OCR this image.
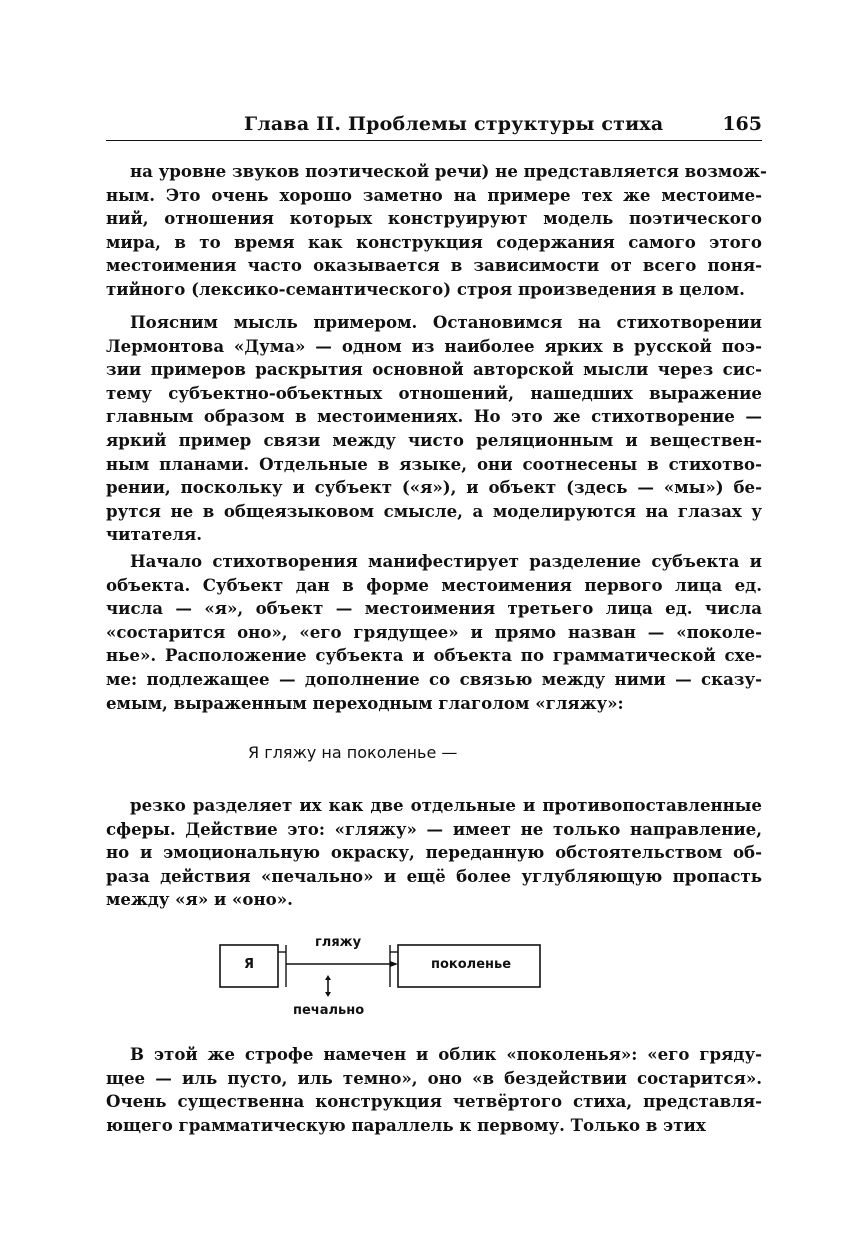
Глава II. Проблемы структуры стиха	165
на уровне звуков поэтической речи) не представляется возмож-
ным. Это очень хорошо заметно на примере тех же местоиме-
ний, отношения которых конструируют модель поэтического
мира, в то время как конструкция содержания самого этого
местоимения часто оказывается в зависимости от всего поня-
тийного (лексико-семантического) строя произведения в целом.
Поясним мысль примером. Остановимся на стихотворении
Лермонтова «Дума» — одном из наиболее ярких в русской поэ-
зии примеров раскрытия основной авторской мысли через сис-
тему субъектно-объектных отношений, нашедших выражение
главным образом в местоимениях. Но это же стихотворение —
яркий пример связи между чисто реляционным и веществен-
ным планами. Отдельные в языке, они соотнесены в стихотво-
рении, поскольку и субъект («я»), и объект (здесь — «мы») бе-
рутся не в общеязыковом смысле, а моделируются на глазах у
читателя.
Начало стихотворения манифестирует разделение субъекта и
объекта. Субъект дан в форме местоимения первого лица ед.
числа — «я», объект — местоимения третьего лица ед. числа
«состарится оно», «его грядущее» и прямо назван — «поколе-
нье». Расположение субъекта и объекта по грамматической схе-
ме: подлежащее — дополнение со связью между ними — сказу-
емым, выраженным переходным глаголом «гляжу»:
Я гляжу на поколенье —
резко разделяет их как две отдельные и противопоставленные
сферы. Действие это: «гляжу» — имеет не только направление,
но и эмоциональную окраску, переданную обстоятельством об-
раза действия «печально» и ещё более углубляющую пропасть
между «я» и «оно».
Я
гляжу
поколенье
печально
В этой же строфе намечен и облик «поколенья»: «его гряду-
щее — иль пусто, иль темно», оно «в бездействии состарится».
Очень существенна конструкция четвёртого стиха, представля-
ющего грамматическую параллель к первому. Только в этих
